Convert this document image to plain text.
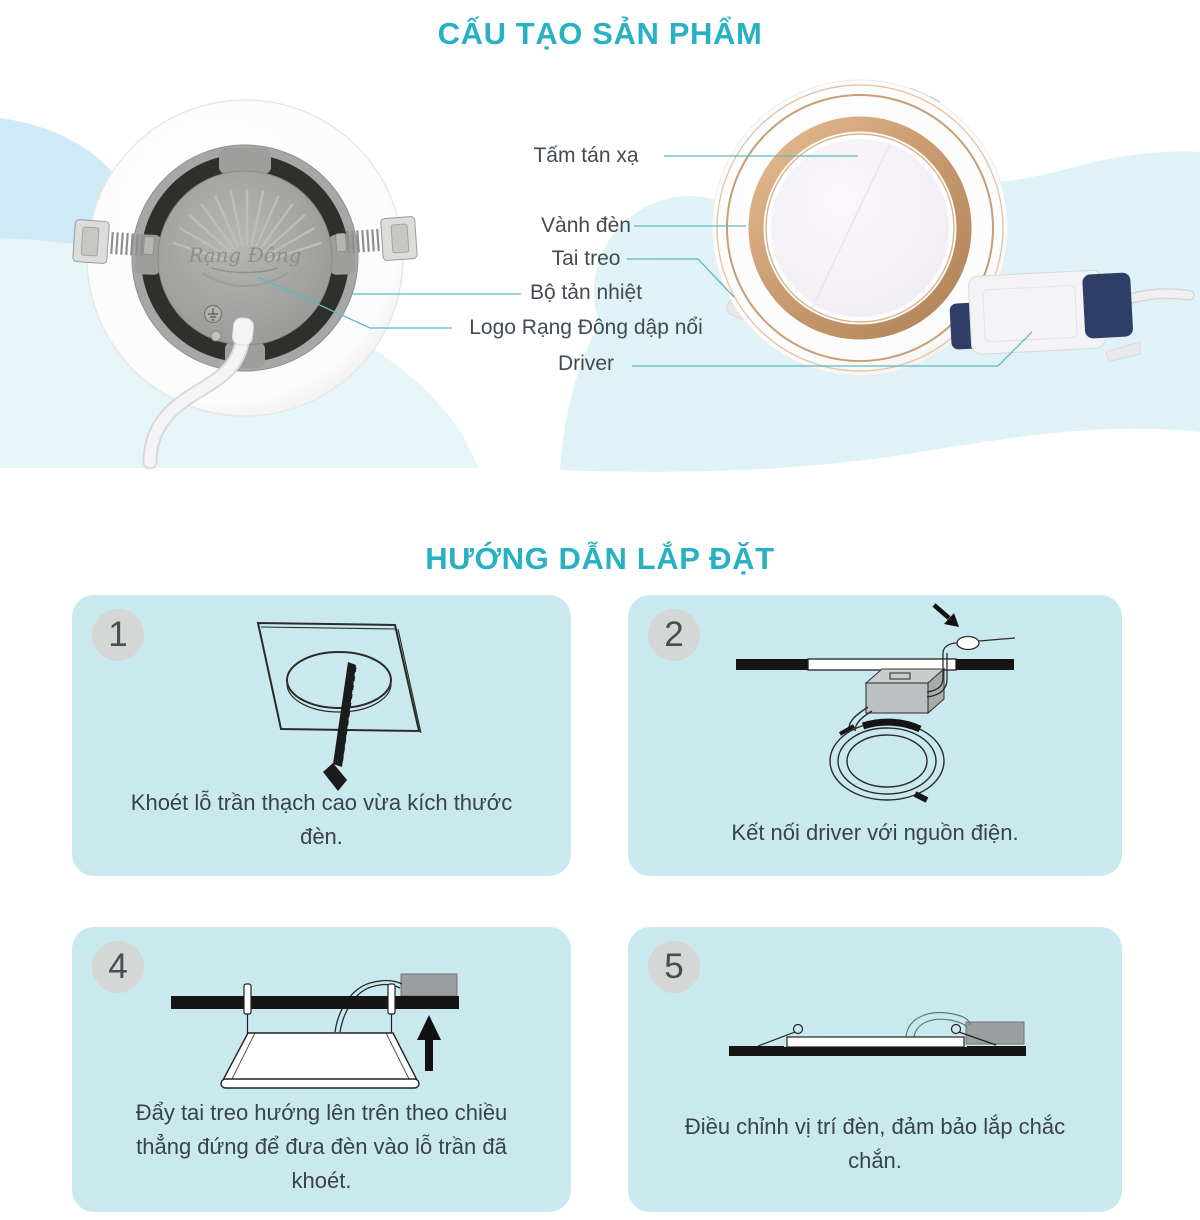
CẤU TẠO SẢN PHẨM
Rạng Đông
Tấm tán xạ
Vành đèn
Tai treo
Bộ tản nhiệt
Logo Rạng Đông dập nổi
Driver
HƯỚNG DẪN LẮP ĐẶT
1
Khoét lỗ trần thạch cao vừa kích thước đèn.
2
Kết nối driver với nguồn điện.
4
Đẩy tai treo hướng lên trên theo chiều thẳng đứng để đưa đèn vào lỗ trần đã khoét.
5
Điều chỉnh vị trí đèn, đảm bảo lắp chắc chắn.
